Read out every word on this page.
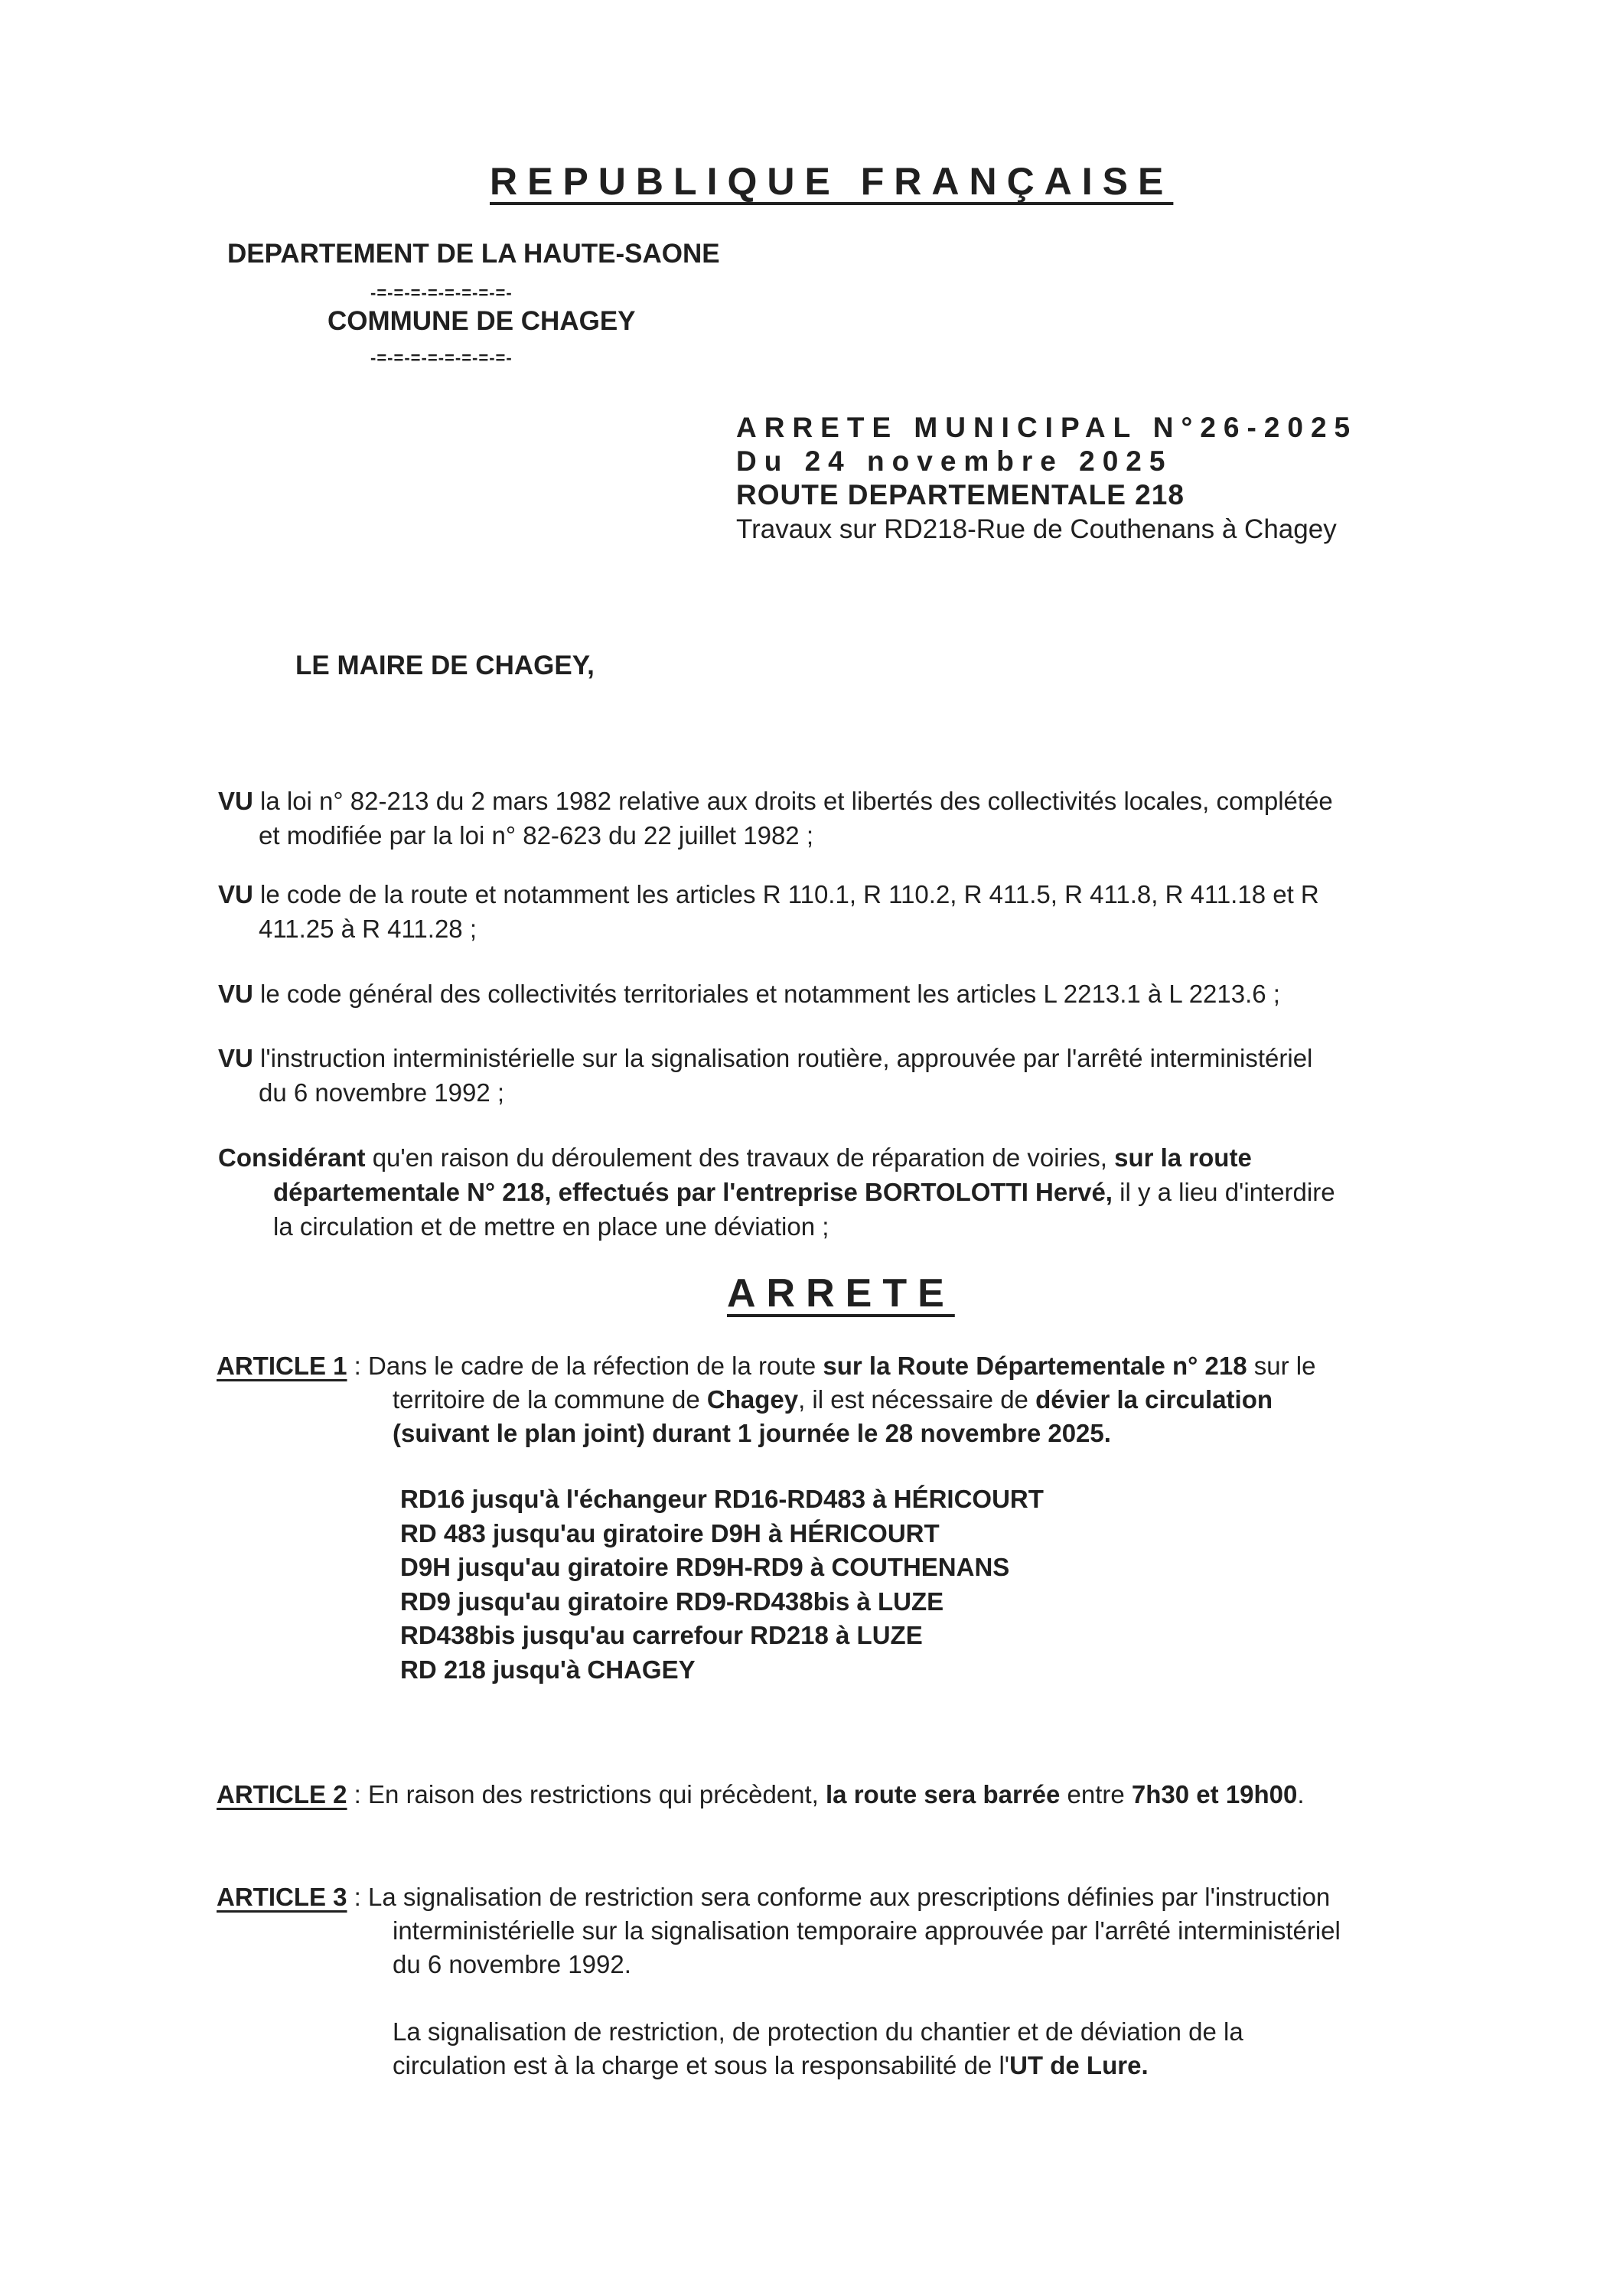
REPUBLIQUE FRANÇAISE
DEPARTEMENT DE LA HAUTE-SAONE
-=-=-=-=-=-=-=-=-
COMMUNE DE CHAGEY
-=-=-=-=-=-=-=-=-
ARRETE MUNICIPAL N°26-2025
Du 24 novembre 2025
ROUTE DEPARTEMENTALE 218
Travaux sur RD218-Rue de Couthenans à Chagey
LE MAIRE DE CHAGEY,
VU la loi n° 82-213 du 2 mars 1982 relative aux droits et libertés des collectivités locales, complétée
et modifiée par la loi n° 82-623 du 22 juillet 1982 ;
VU le code de la route et notamment les articles R 110.1, R 110.2, R 411.5, R 411.8, R 411.18 et R
411.25 à R 411.28 ;
VU le code général des collectivités territoriales et notamment les articles L 2213.1 à L 2213.6 ;
VU l'instruction interministérielle sur la signalisation routière, approuvée par l'arrêté interministériel
du 6 novembre 1992 ;
Considérant qu'en raison du déroulement des travaux de réparation de voiries, sur la route
départementale N° 218, effectués par l'entreprise BORTOLOTTI Hervé, il y a lieu d'interdire
la circulation et de mettre en place une déviation ;
ARRETE
ARTICLE 1 : Dans le cadre de la réfection de la route sur la Route Départementale n° 218 sur le
territoire de la commune de Chagey, il est nécessaire de dévier la circulation
(suivant le plan joint) durant 1 journée le 28 novembre 2025.
RD16 jusqu'à l'échangeur RD16-RD483 à HÉRICOURT
RD 483 jusqu'au giratoire D9H à HÉRICOURT
D9H jusqu'au giratoire RD9H-RD9 à COUTHENANS
RD9 jusqu'au giratoire RD9-RD438bis à LUZE
RD438bis jusqu'au carrefour RD218 à LUZE
RD 218 jusqu'à CHAGEY
ARTICLE 2 : En raison des restrictions qui précèdent, la route sera barrée entre 7h30 et 19h00.
ARTICLE 3 : La signalisation de restriction sera conforme aux prescriptions définies par l'instruction
interministérielle sur la signalisation temporaire approuvée par l'arrêté interministériel
du 6 novembre 1992.
La signalisation de restriction, de protection du chantier et de déviation de la
circulation est à la charge et sous la responsabilité de l'UT de Lure.
